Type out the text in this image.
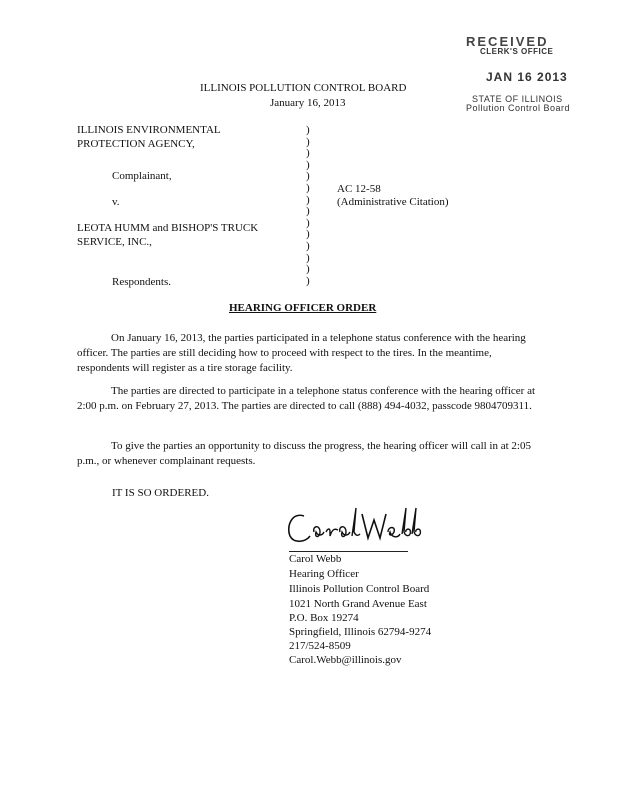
RECEIVED
CLERK'S OFFICE
JAN 16 2013
STATE OF ILLINOIS
Pollution Control Board
ILLINOIS POLLUTION CONTROL BOARD
January 16, 2013
ILLINOIS ENVIRONMENTAL
PROTECTION AGENCY,
Complainant,
v.
LEOTA HUMM and BISHOP'S TRUCK
SERVICE, INC.,
Respondents.
)
)
)
)
)
)
)
)
)
)
)
)
)
)
AC 12-58
(Administrative Citation)
HEARING OFFICER ORDER
On January 16, 2013, the parties participated in a telephone status conference with the hearing officer. The parties are still deciding how to proceed with respect to the tires. In the meantime, respondents will register as a tire storage facility.
The parties are directed to participate in a telephone status conference with the hearing officer at 2:00 p.m. on February 27, 2013. The parties are directed to call (888) 494-4032, passcode 9804709311.
To give the parties an opportunity to discuss the progress, the hearing officer will call in at 2:05 p.m., or whenever complainant requests.
IT IS SO ORDERED.
Carol Webb
Hearing Officer
Illinois Pollution Control Board
1021 North Grand Avenue East
P.O. Box 19274
Springfield, Illinois 62794-9274
217/524-8509
Carol.Webb@illinois.gov
